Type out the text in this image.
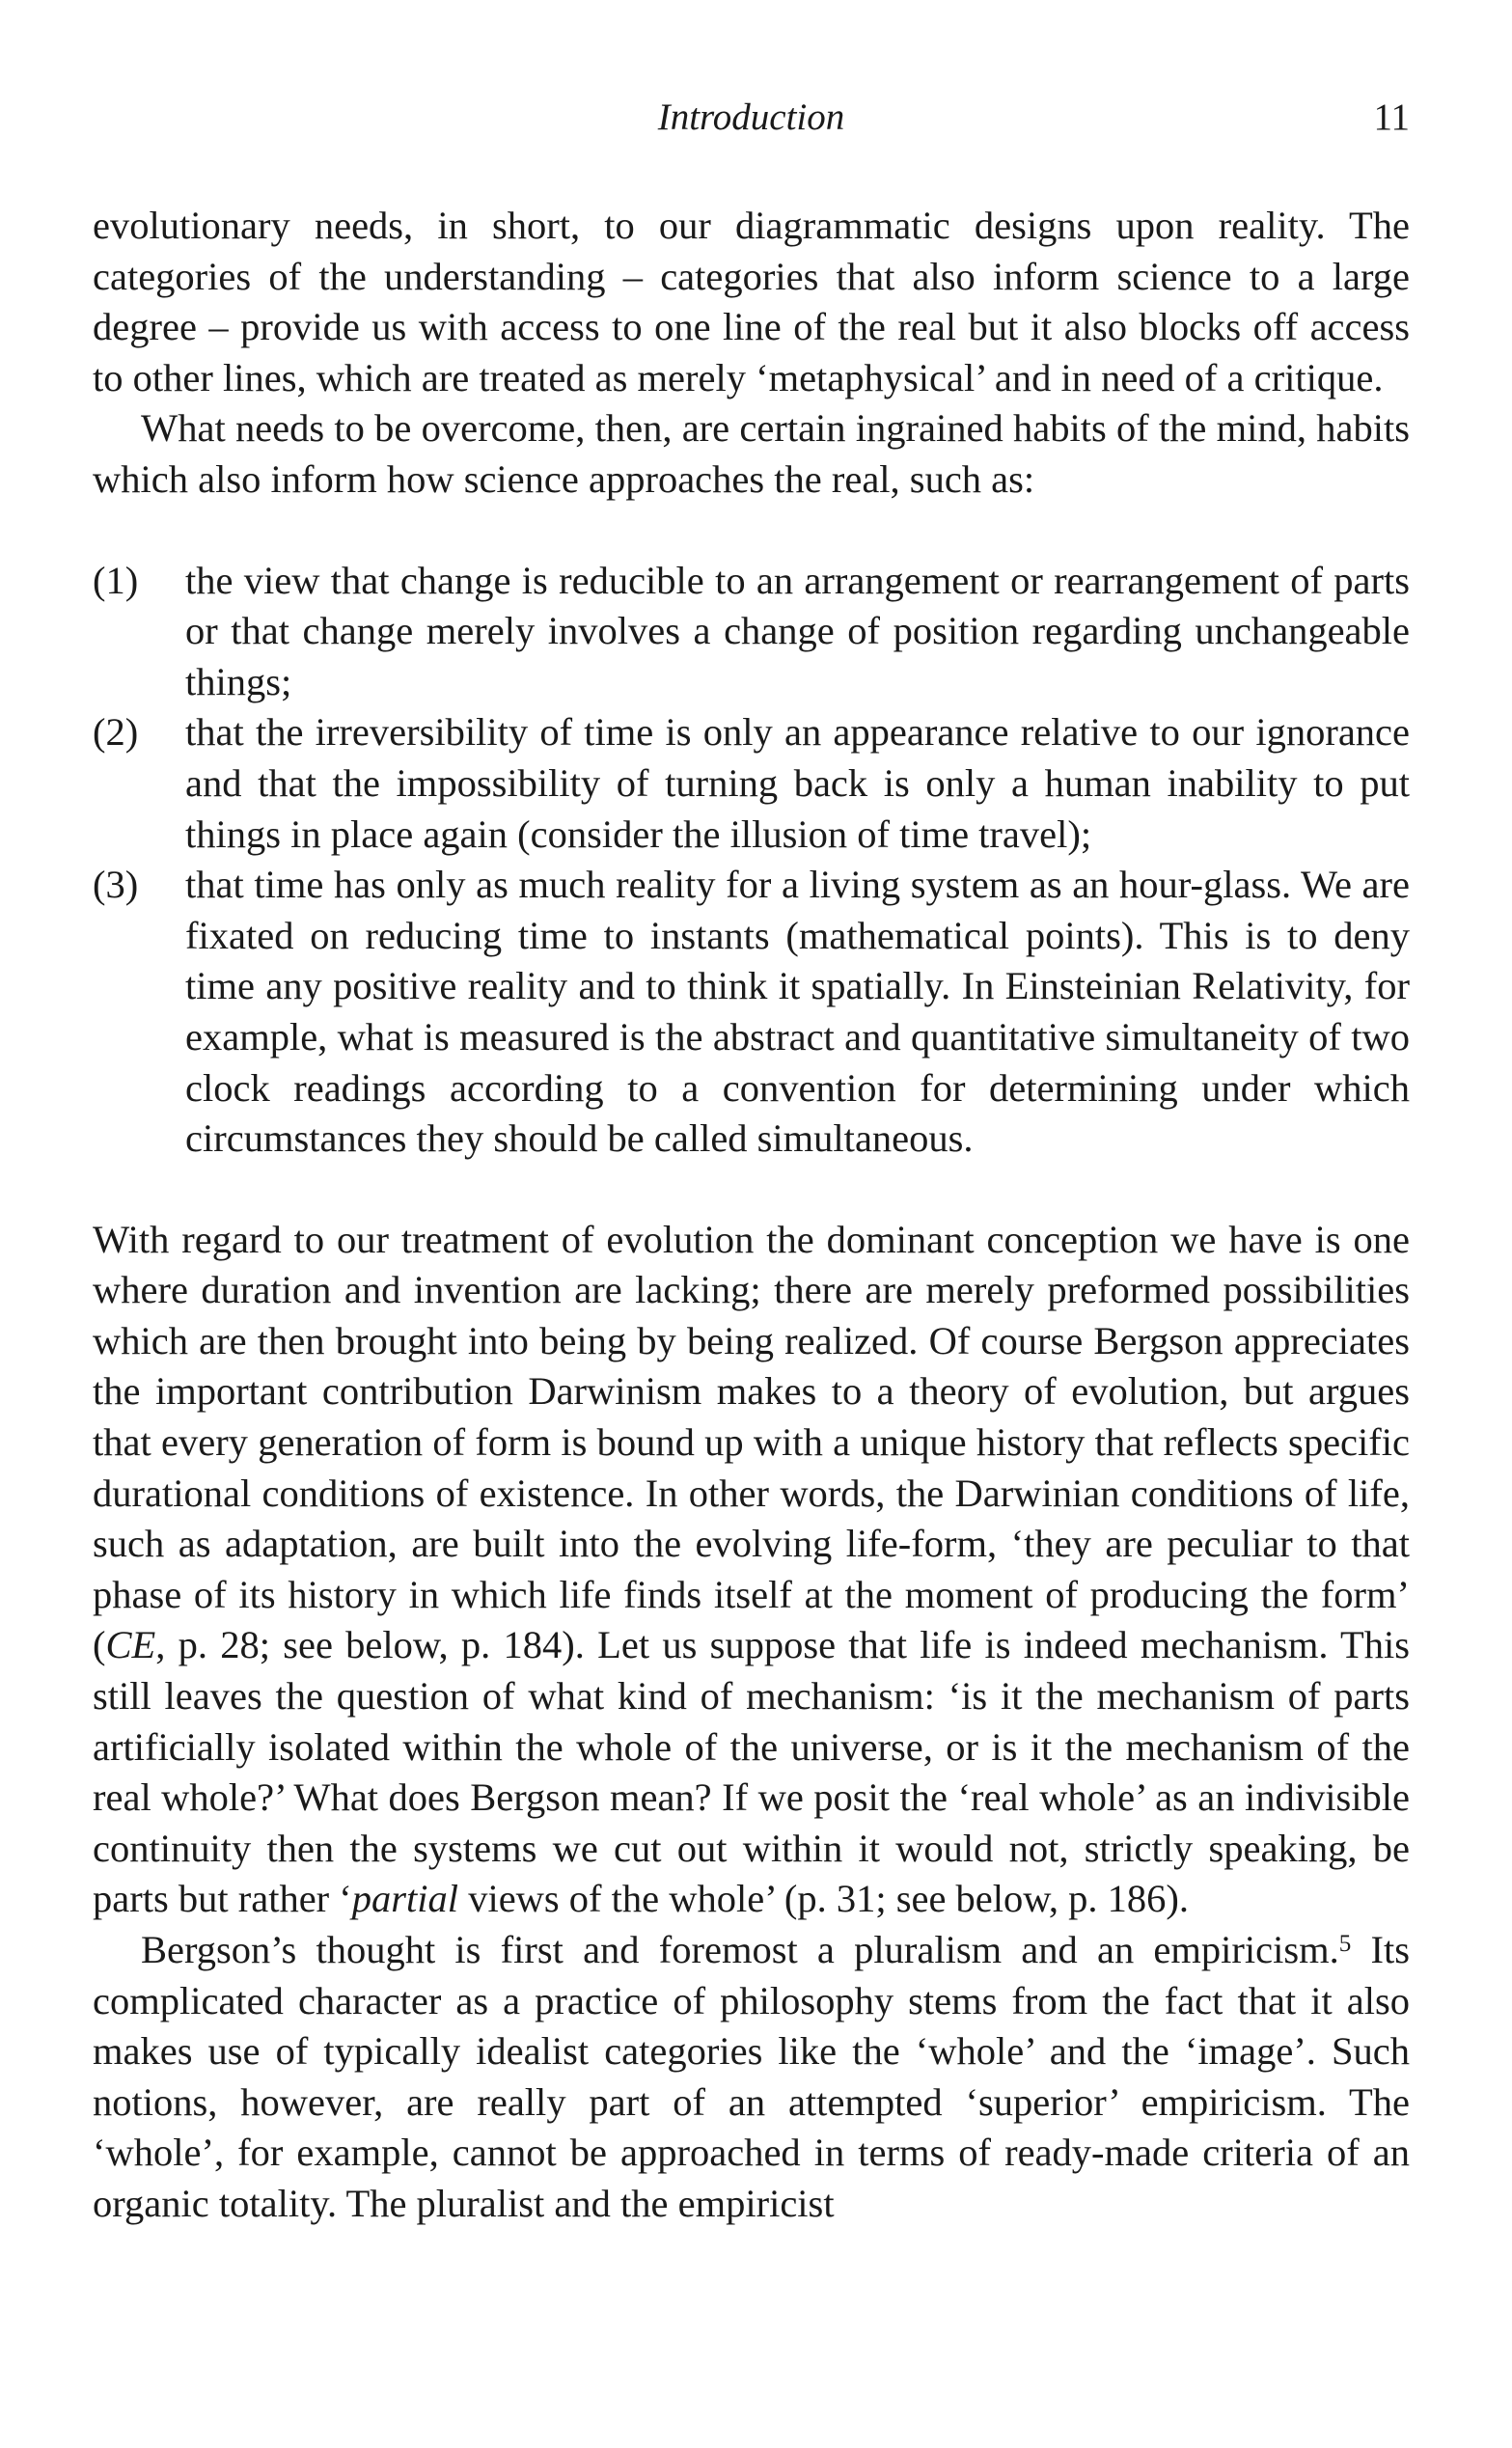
Introduction	11

evolutionary needs, in short, to our diagrammatic designs upon reality. The categories of the understanding – categories that also inform science to a large degree – provide us with access to one line of the real but it also blocks off access to other lines, which are treated as merely ‘metaphysical’ and in need of a critique.

What needs to be overcome, then, are certain ingrained habits of the mind, habits which also inform how science approaches the real, such as:

(1) the view that change is reducible to an arrangement or rearrangement of parts or that change merely involves a change of position regarding unchangeable things;
(2) that the irreversibility of time is only an appearance relative to our ignorance and that the impossibility of turning back is only a human inability to put things in place again (consider the illusion of time travel);
(3) that time has only as much reality for a living system as an hour-glass. We are fixated on reducing time to instants (mathematical points). This is to deny time any positive reality and to think it spatially. In Einsteinian Relativity, for example, what is measured is the abstract and quantitative simultaneity of two clock readings according to a convention for determining under which circumstances they should be called simultaneous.

With regard to our treatment of evolution the dominant conception we have is one where duration and invention are lacking; there are merely preformed possibilities which are then brought into being by being realized. Of course Bergson appreciates the important contribution Darwinism makes to a theory of evolution, but argues that every generation of form is bound up with a unique history that reflects specific durational conditions of existence. In other words, the Darwinian conditions of life, such as adaptation, are built into the evolving life-form, ‘they are peculiar to that phase of its history in which life finds itself at the moment of producing the form’ (CE, p. 28; see below, p. 184). Let us suppose that life is indeed mechanism. This still leaves the question of what kind of mechanism: ‘is it the mechanism of parts artificially isolated within the whole of the universe, or is it the mechanism of the real whole?’ What does Bergson mean? If we posit the ‘real whole’ as an indivisible continuity then the systems we cut out within it would not, strictly speaking, be parts but rather ‘partial views of the whole’ (p. 31; see below, p. 186).

Bergson’s thought is first and foremost a pluralism and an empiricism.$^5$ Its complicated character as a practice of philosophy stems from the fact that it also makes use of typically idealist categories like the ‘whole’ and the ‘image’. Such notions, however, are really part of an attempted ‘superior’ empiricism. The ‘whole’, for example, cannot be approached in terms of ready-made criteria of an organic totality. The pluralist and the empiricist
